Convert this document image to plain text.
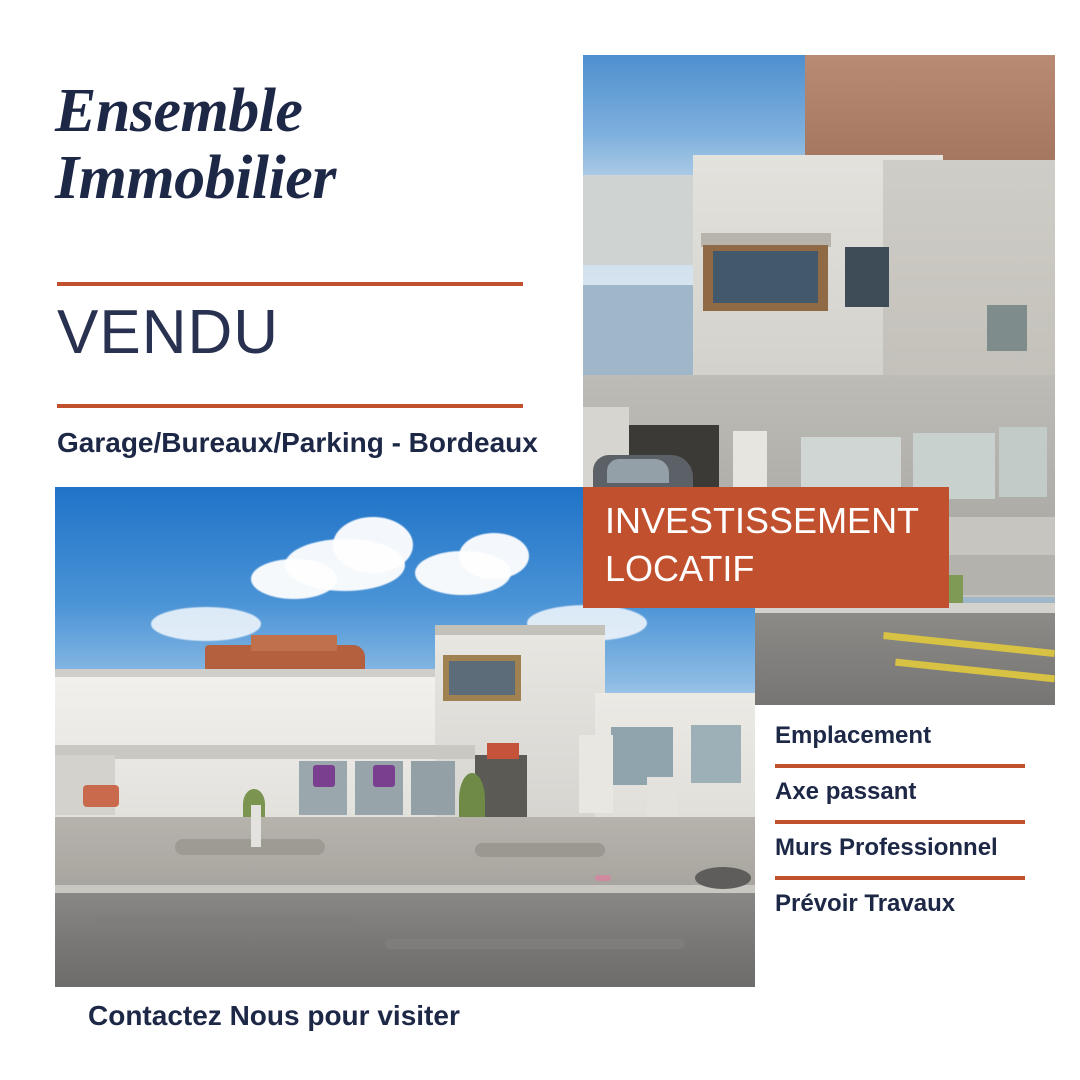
Ensemble
Immobilier
VENDU
Garage/Bureaux/Parking - Bordeaux
INVESTISSEMENT
LOCATIF
Emplacement
Axe passant
Murs Professionnel
Prévoir Travaux
Contactez Nous pour visiter
